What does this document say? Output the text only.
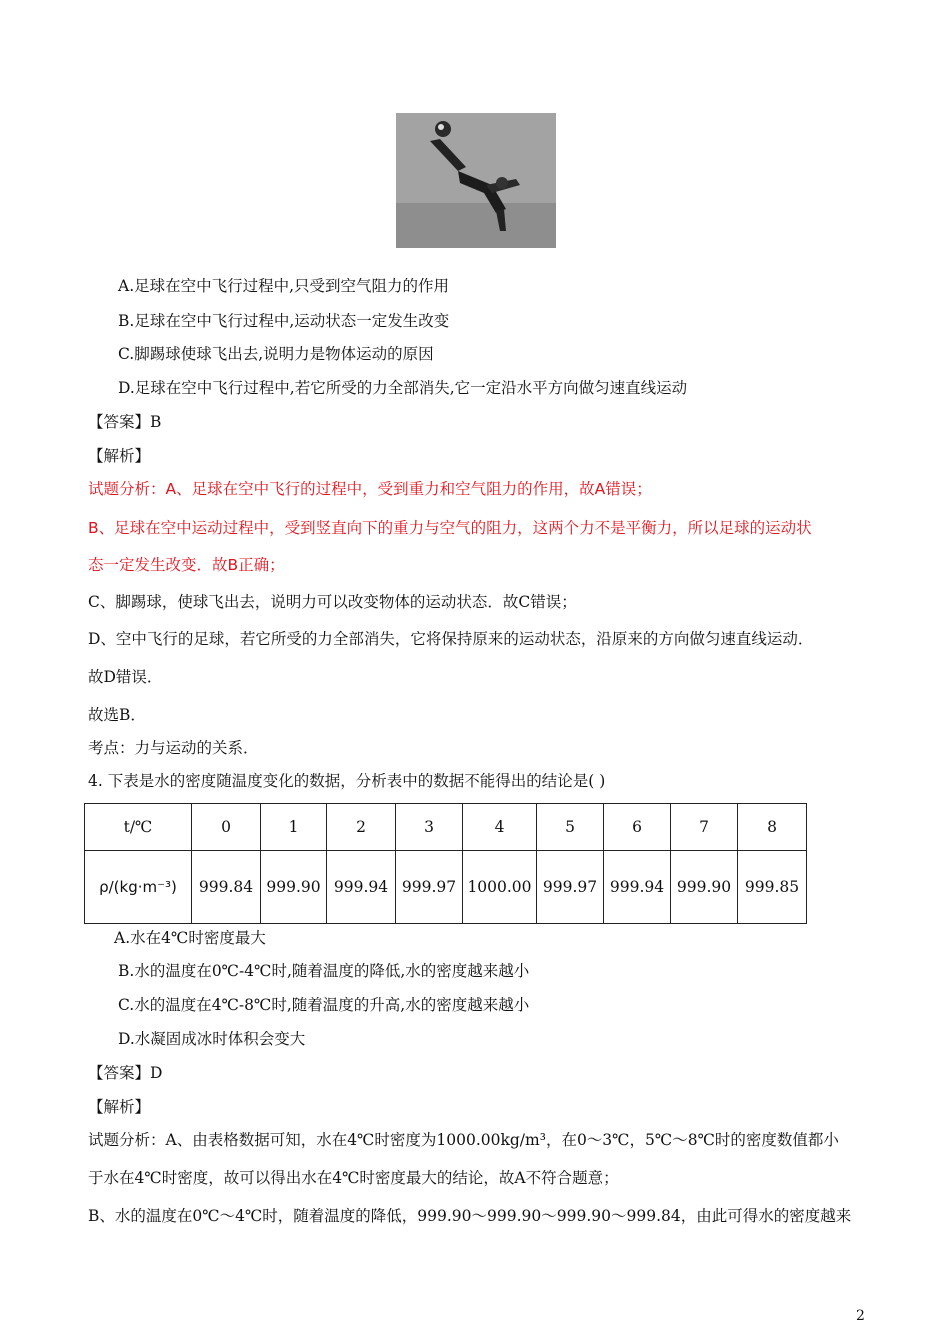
A.足球在空中飞行过程中,只受到空气阻力的作用
B.足球在空中飞行过程中,运动状态一定发生改变
C.脚踢球使球飞出去,说明力是物体运动的原因
D.足球在空中飞行过程中,若它所受的力全部消失,它一定沿水平方向做匀速直线运动
【答案】B
【解析】
试题分析：A、足球在空中飞行的过程中，受到重力和空气阻力的作用，故A错误；
B、足球在空中运动过程中，受到竖直向下的重力与空气的阻力，这两个力不是平衡力，所以足球的运动状
态一定发生改变．故B正确；
C、脚踢球，使球飞出去，说明力可以改变物体的运动状态．故C错误；
D、空中飞行的足球，若它所受的力全部消失，它将保持原来的运动状态，沿原来的方向做匀速直线运动．
故D错误．
故选B．
考点：力与运动的关系．
4. 下表是水的密度随温度变化的数据，分析表中的数据不能得出的结论是( )
t/℃	0	1	2	3	4	5	6	7	8
ρ/(kg·m⁻³)	999.84	999.90	999.94	999.97	1000.00	999.97	999.94	999.90	999.85
A.水在4℃时密度最大
B.水的温度在0℃-4℃时,随着温度的降低,水的密度越来越小
C.水的温度在4℃-8℃时,随着温度的升高,水的密度越来越小
D.水凝固成冰时体积会变大
【答案】D
【解析】
试题分析：A、由表格数据可知，水在4℃时密度为1000.00kg/m³，在0～3℃，5℃～8℃时的密度数值都小
于水在4℃时密度，故可以得出水在4℃时密度最大的结论，故A不符合题意；
B、水的温度在0℃～4℃时，随着温度的降低，999.90～999.90～999.90～999.84，由此可得水的密度越来
2
